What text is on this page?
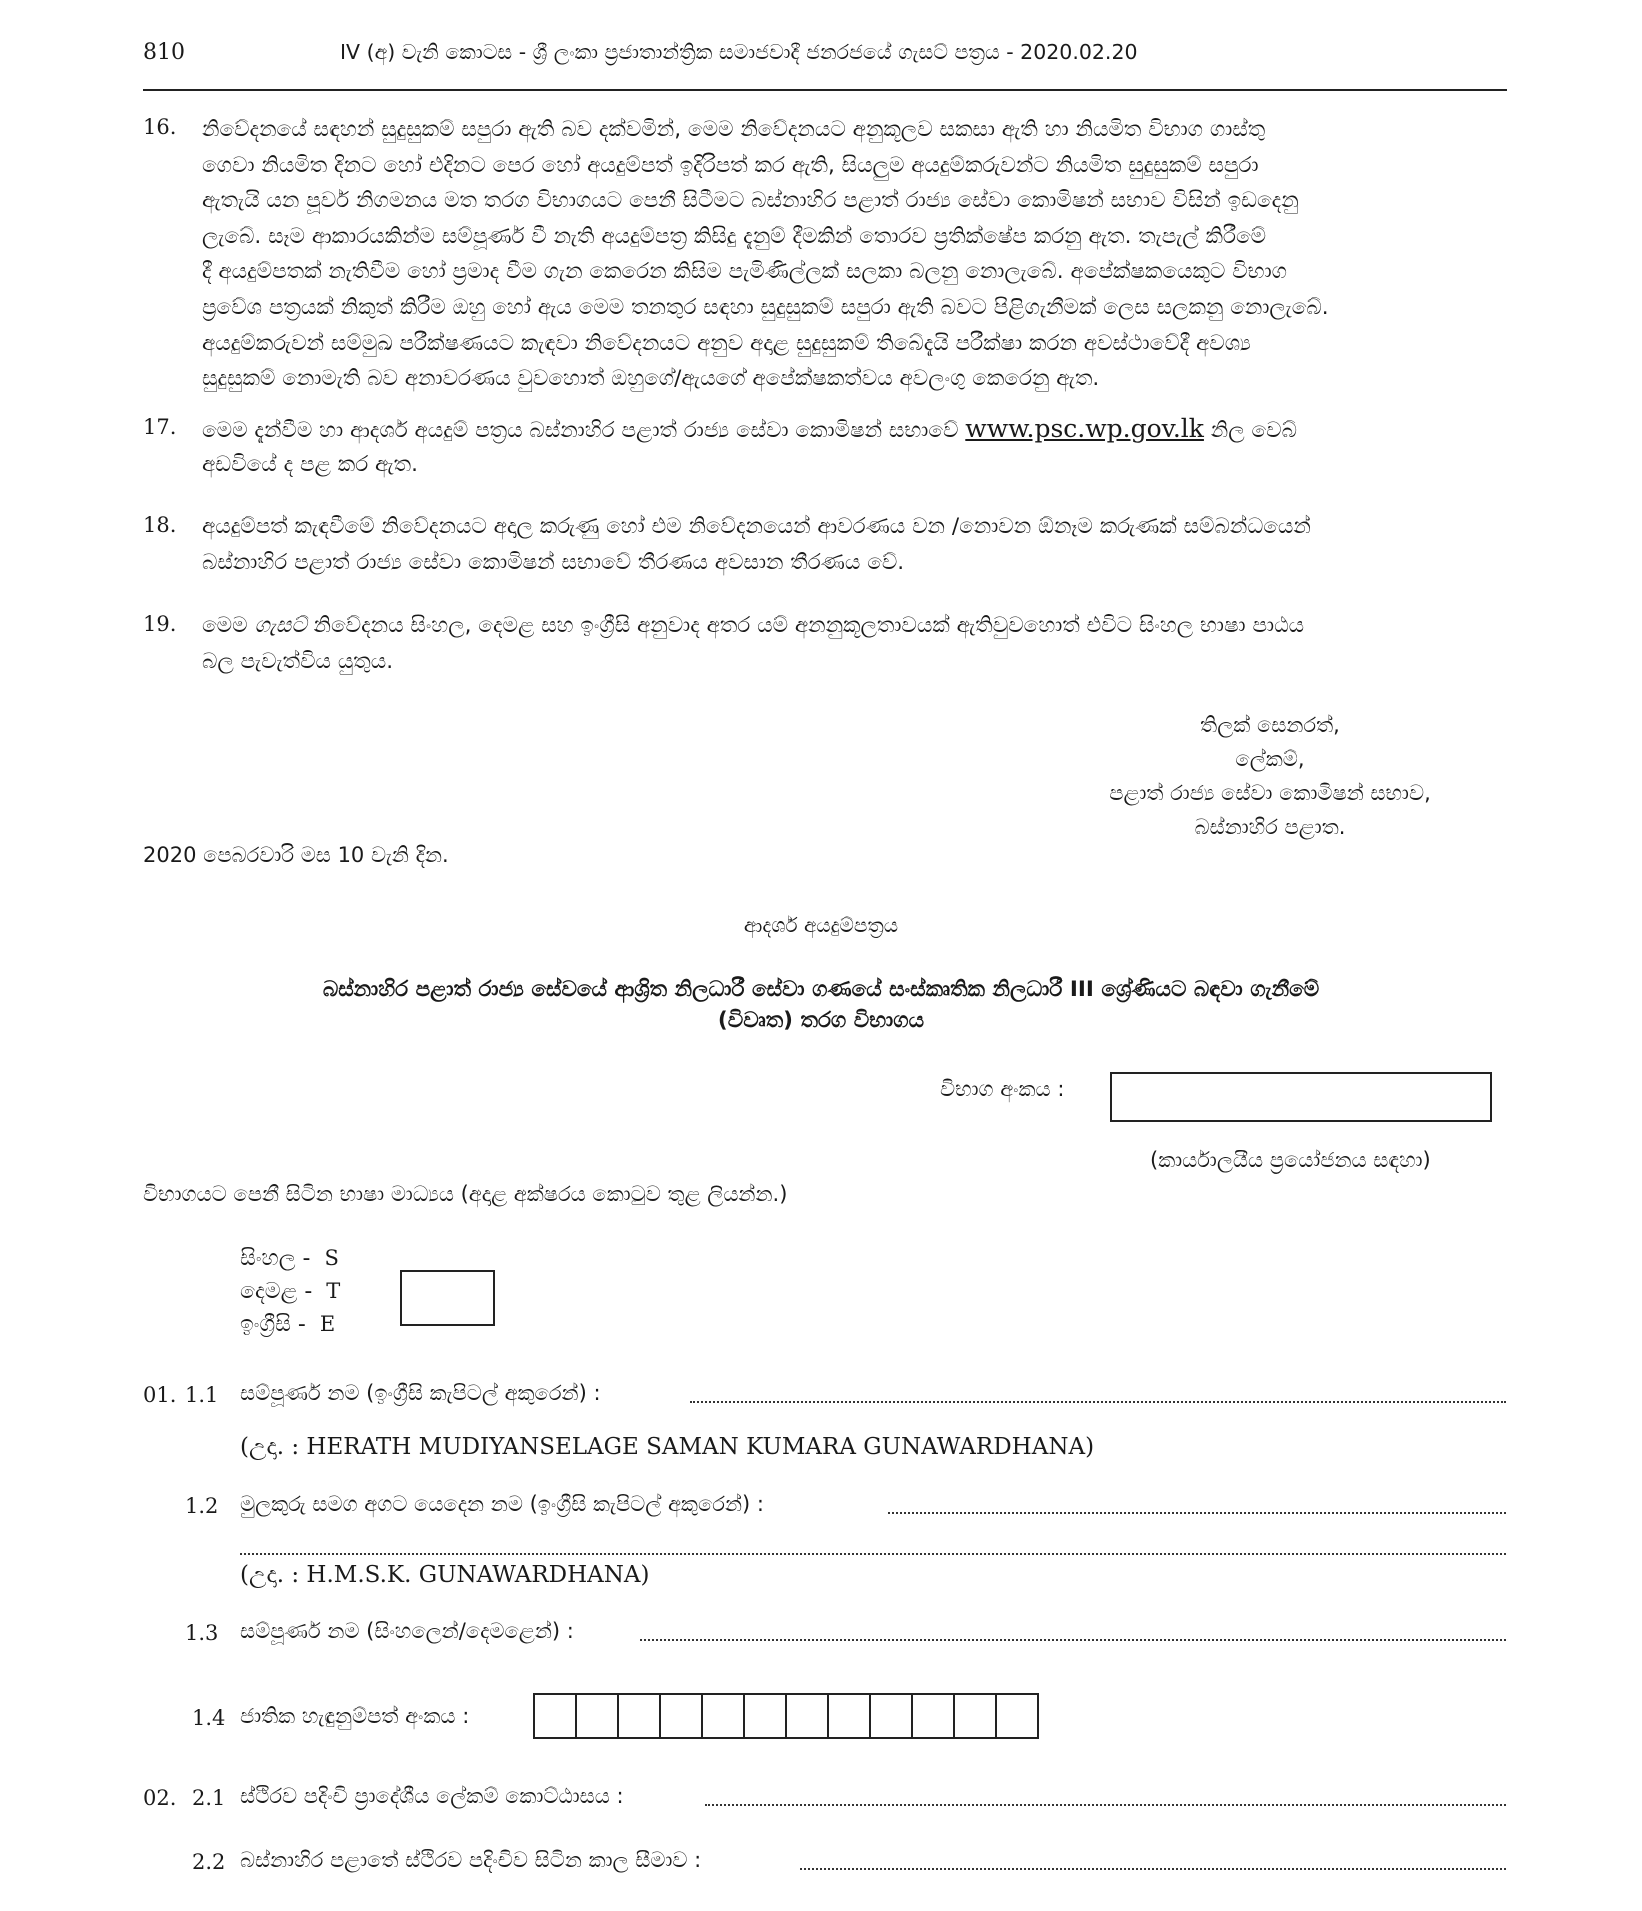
810	IV (අ) වැනි කොටස - ශ්‍රී ලංකා ප්‍රජාතාන්ත්‍රික සමාජවාදී ජනරජයේ ගැසට් පත්‍රය - 2020.02.20
16. නිවේදනයේ සඳහන් සුදුසුකම් සපුරා ඇති බව දක්වමින්, මෙම නිවේදනයට අනුකූලව සකසා ඇති හා නියමිත විභාග ගාස්තු
ගෙවා නියමිත දිනට හෝ එදිනට පෙර හෝ අයදුම්පත් ඉදිරිපත් කර ඇති, සියලුම අයදුම්කරුවන්ට නියමිත සුදුසුකම් සපුරා
ඇතැයි යන පූර්ව නිගමනය මත තරග විභාගයට පෙනී සිටීමට බස්නාහිර පළාත් රාජ්‍ය සේවා කොමිෂන් සභාව විසින් ඉඩදෙනු
ලැබේ. සෑම ආකාරයකින්ම සම්පූර්ණ වී නැති අයදුම්පත්‍ර කිසිදු දැනුම් දීමකින් තොරව ප්‍රතික්ෂේප කරනු ඇත. තැපැල් කිරීමේ
දී අයදුම්පතක් නැතිවීම හෝ ප්‍රමාද වීම ගැන කෙරෙන කිසිම පැමිණිල්ලක් සලකා බලනු නොලැබේ. අපේක්ෂකයෙකුට විභාග
ප්‍රවේශ පත්‍රයක් නිකුත් කිරීම ඔහු හෝ ඇය මෙම තනතුර සඳහා සුදුසුකම් සපුරා ඇති බවට පිළිගැනීමක් ලෙස සලකනු නොලැබේ.
අයදුම්කරුවන් සම්මුඛ පරීක්ෂණයට කැඳවා නිවේදනයට අනුව අදාළ සුදුසුකම් තිබේදැයි පරීක්ෂා කරන අවස්ථාවේදී අවශ්‍ය
සුදුසුකම් නොමැති බව අනාවරණය වුවහොත් ඔහුගේ/ඇයගේ අපේක්ෂකත්වය අවලංගු කෙරෙනු ඇත.
17. මෙම දැන්වීම හා ආදර්ශ අයදුම් පත්‍රය බස්නාහිර පළාත් රාජ්‍ය සේවා කොමිෂන් සභාවේ www.psc.wp.gov.lk නිල වෙබ්
අඩවියේ ද පළ කර ඇත.
18. අයදුම්පත් කැඳවීමේ නිවේදනයට අදාල කරුණු හෝ එම නිවේදනයෙන් ආවරණය වන /නොවන ඕනෑම කරුණක් සම්බන්ධයෙන්
බස්නාහිර පළාත් රාජ්‍ය සේවා කොමිෂන් සභාවේ තීරණය අවසාන තීරණය වේ.
19. මෙම ගැසට් නිවේදනය සිංහල, දෙමළ සහ ඉංග්‍රීසි අනුවාද අතර යම් අනනුකූලතාවයක් ඇතිවුවහොත් එවිට සිංහල භාෂා පාඨය
බල පැවැත්විය යුතුය.
තිලක් සෙනරත්,
ලේකම්,
පළාත් රාජ්‍ය සේවා කොමිෂන් සභාව,
බස්නාහිර පළාත.
2020 පෙබරවාරි මස 10 වැනි දින.
ආදර්ශ අයදුම්පත්‍රය
බස්නාහිර පළාත් රාජ්‍ය සේවයේ ආශ්‍රිත නිලධාරී සේවා ගණයේ සංස්කෘතික නිලධාරී III ශ්‍රේණියට බඳවා ගැනීමේ
(විවෘත) තරග විභාගය
විභාග අංකය :
(කාර්යාලයීය ප්‍රයෝජනය සඳහා)
විභාගයට පෙනී සිටින භාෂා මාධ්‍යය (අදාළ අක්ෂරය කොටුව තුළ ලියන්න.)
සිංහල - S
දෙමළ - T
ඉංග්‍රීසි - E
01. 1.1 සම්පූර්ණ නම (ඉංග්‍රීසි කැපිටල් අකුරෙන්) :
(උදා. : HERATH MUDIYANSELAGE SAMAN KUMARA GUNAWARDHANA)
1.2 මුලකුරු සමග අගට යෙදෙන නම (ඉංග්‍රීසි කැපිටල් අකුරෙන්) :
(උදා. : H.M.S.K. GUNAWARDHANA)
1.3 සම්පූර්ණ නම (සිංහලෙන්/දෙමළෙන්) :
1.4 ජාතික හැඳුනුම්පත් අංකය :
02. 2.1 ස්ථිරව පදිංචි ප්‍රාදේශීය ලේකම් කොට්ඨාසය :
2.2 බස්නාහිර පළාතේ ස්ථිරව පදිංචිව සිටින කාල සීමාව :
